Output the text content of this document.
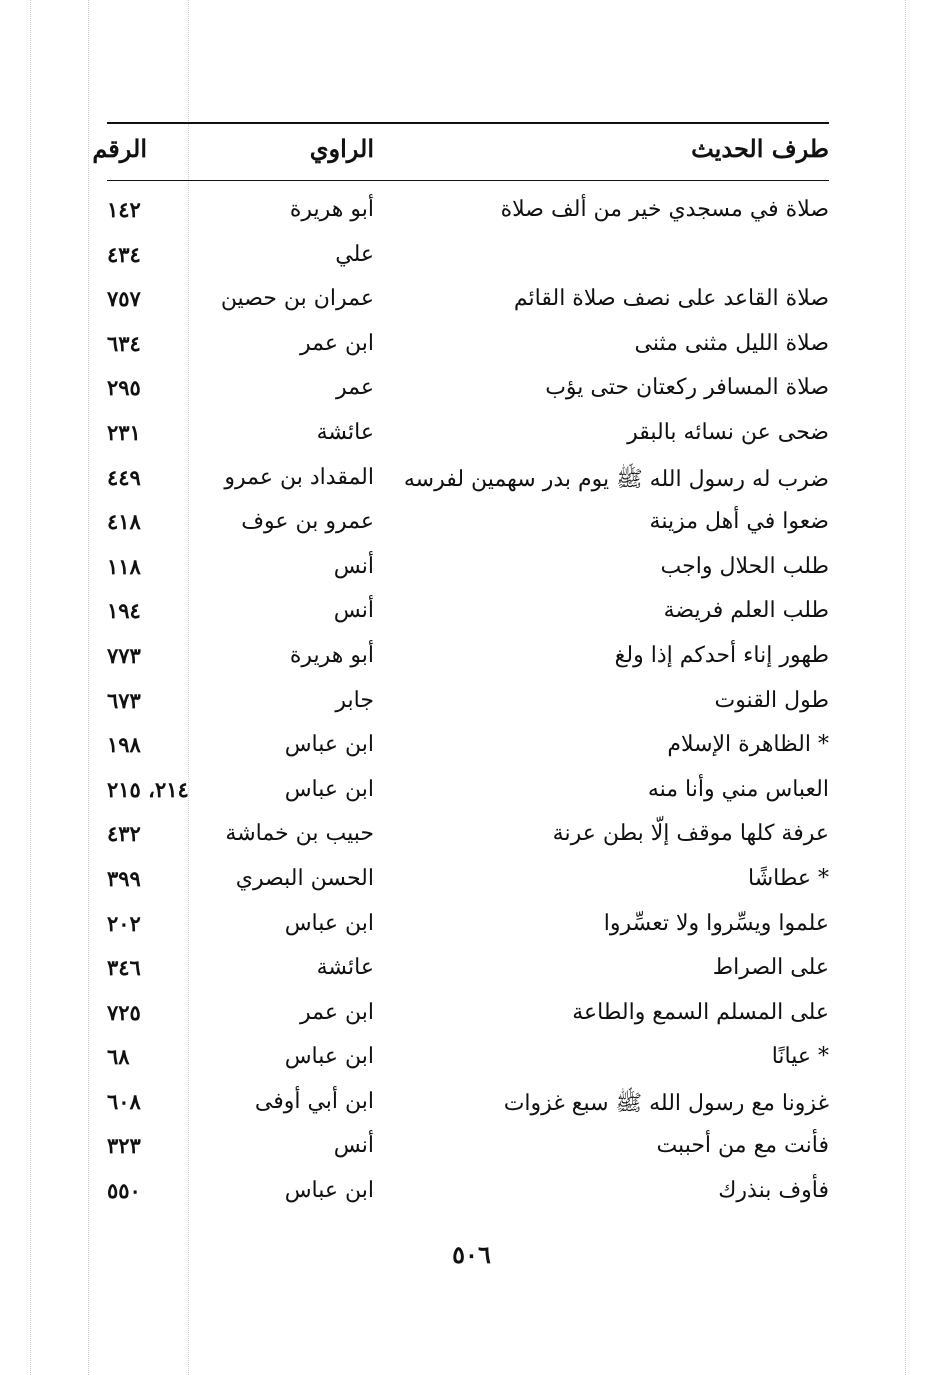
طرف الحديث
الراوي
الرقم
صلاة في مسجدي خير من ألف صلاة
أبو هريرة
١٤٢
علي
٤٣٤
صلاة القاعد على نصف صلاة القائم
عمران بن حصين
٧٥٧
صلاة الليل مثنى مثنى
ابن عمر
٦٣٤
صلاة المسافر ركعتان حتى يؤب
عمر
٢٩٥
ضحى عن نسائه بالبقر
عائشة
٢٣١
ضرب له رسول الله ﷺ يوم بدر سهمين لفرسه
المقداد بن عمرو
٤٤٩
ضعوا في أهل مزينة
عمرو بن عوف
٤١٨
طلب الحلال واجب
أنس
١١٨
طلب العلم فريضة
أنس
١٩٤
طهور إناء أحدكم إذا ولغ
أبو هريرة
٧٧٣
طول القنوت
جابر
٦٧٣
* الظاهرة الإسلام
ابن عباس
١٩٨
العباس مني وأنا منه
ابن عباس
٢١٤، ٢١٥
عرفة كلها موقف إلّا بطن عرنة
حبيب بن خماشة
٤٣٢
* عطاشًا
الحسن البصري
٣٩٩
علموا ويسِّروا ولا تعسِّروا
ابن عباس
٢٠٢
على الصراط
عائشة
٣٤٦
على المسلم السمع والطاعة
ابن عمر
٧٢٥
* عيانًا
ابن عباس
٦٨
غزونا مع رسول الله ﷺ سبع غزوات
ابن أبي أوفى
٦٠٨
فأنت مع من أحببت
أنس
٣٢٣
فأوف بنذرك
ابن عباس
٥٥٠
٥٠٦
